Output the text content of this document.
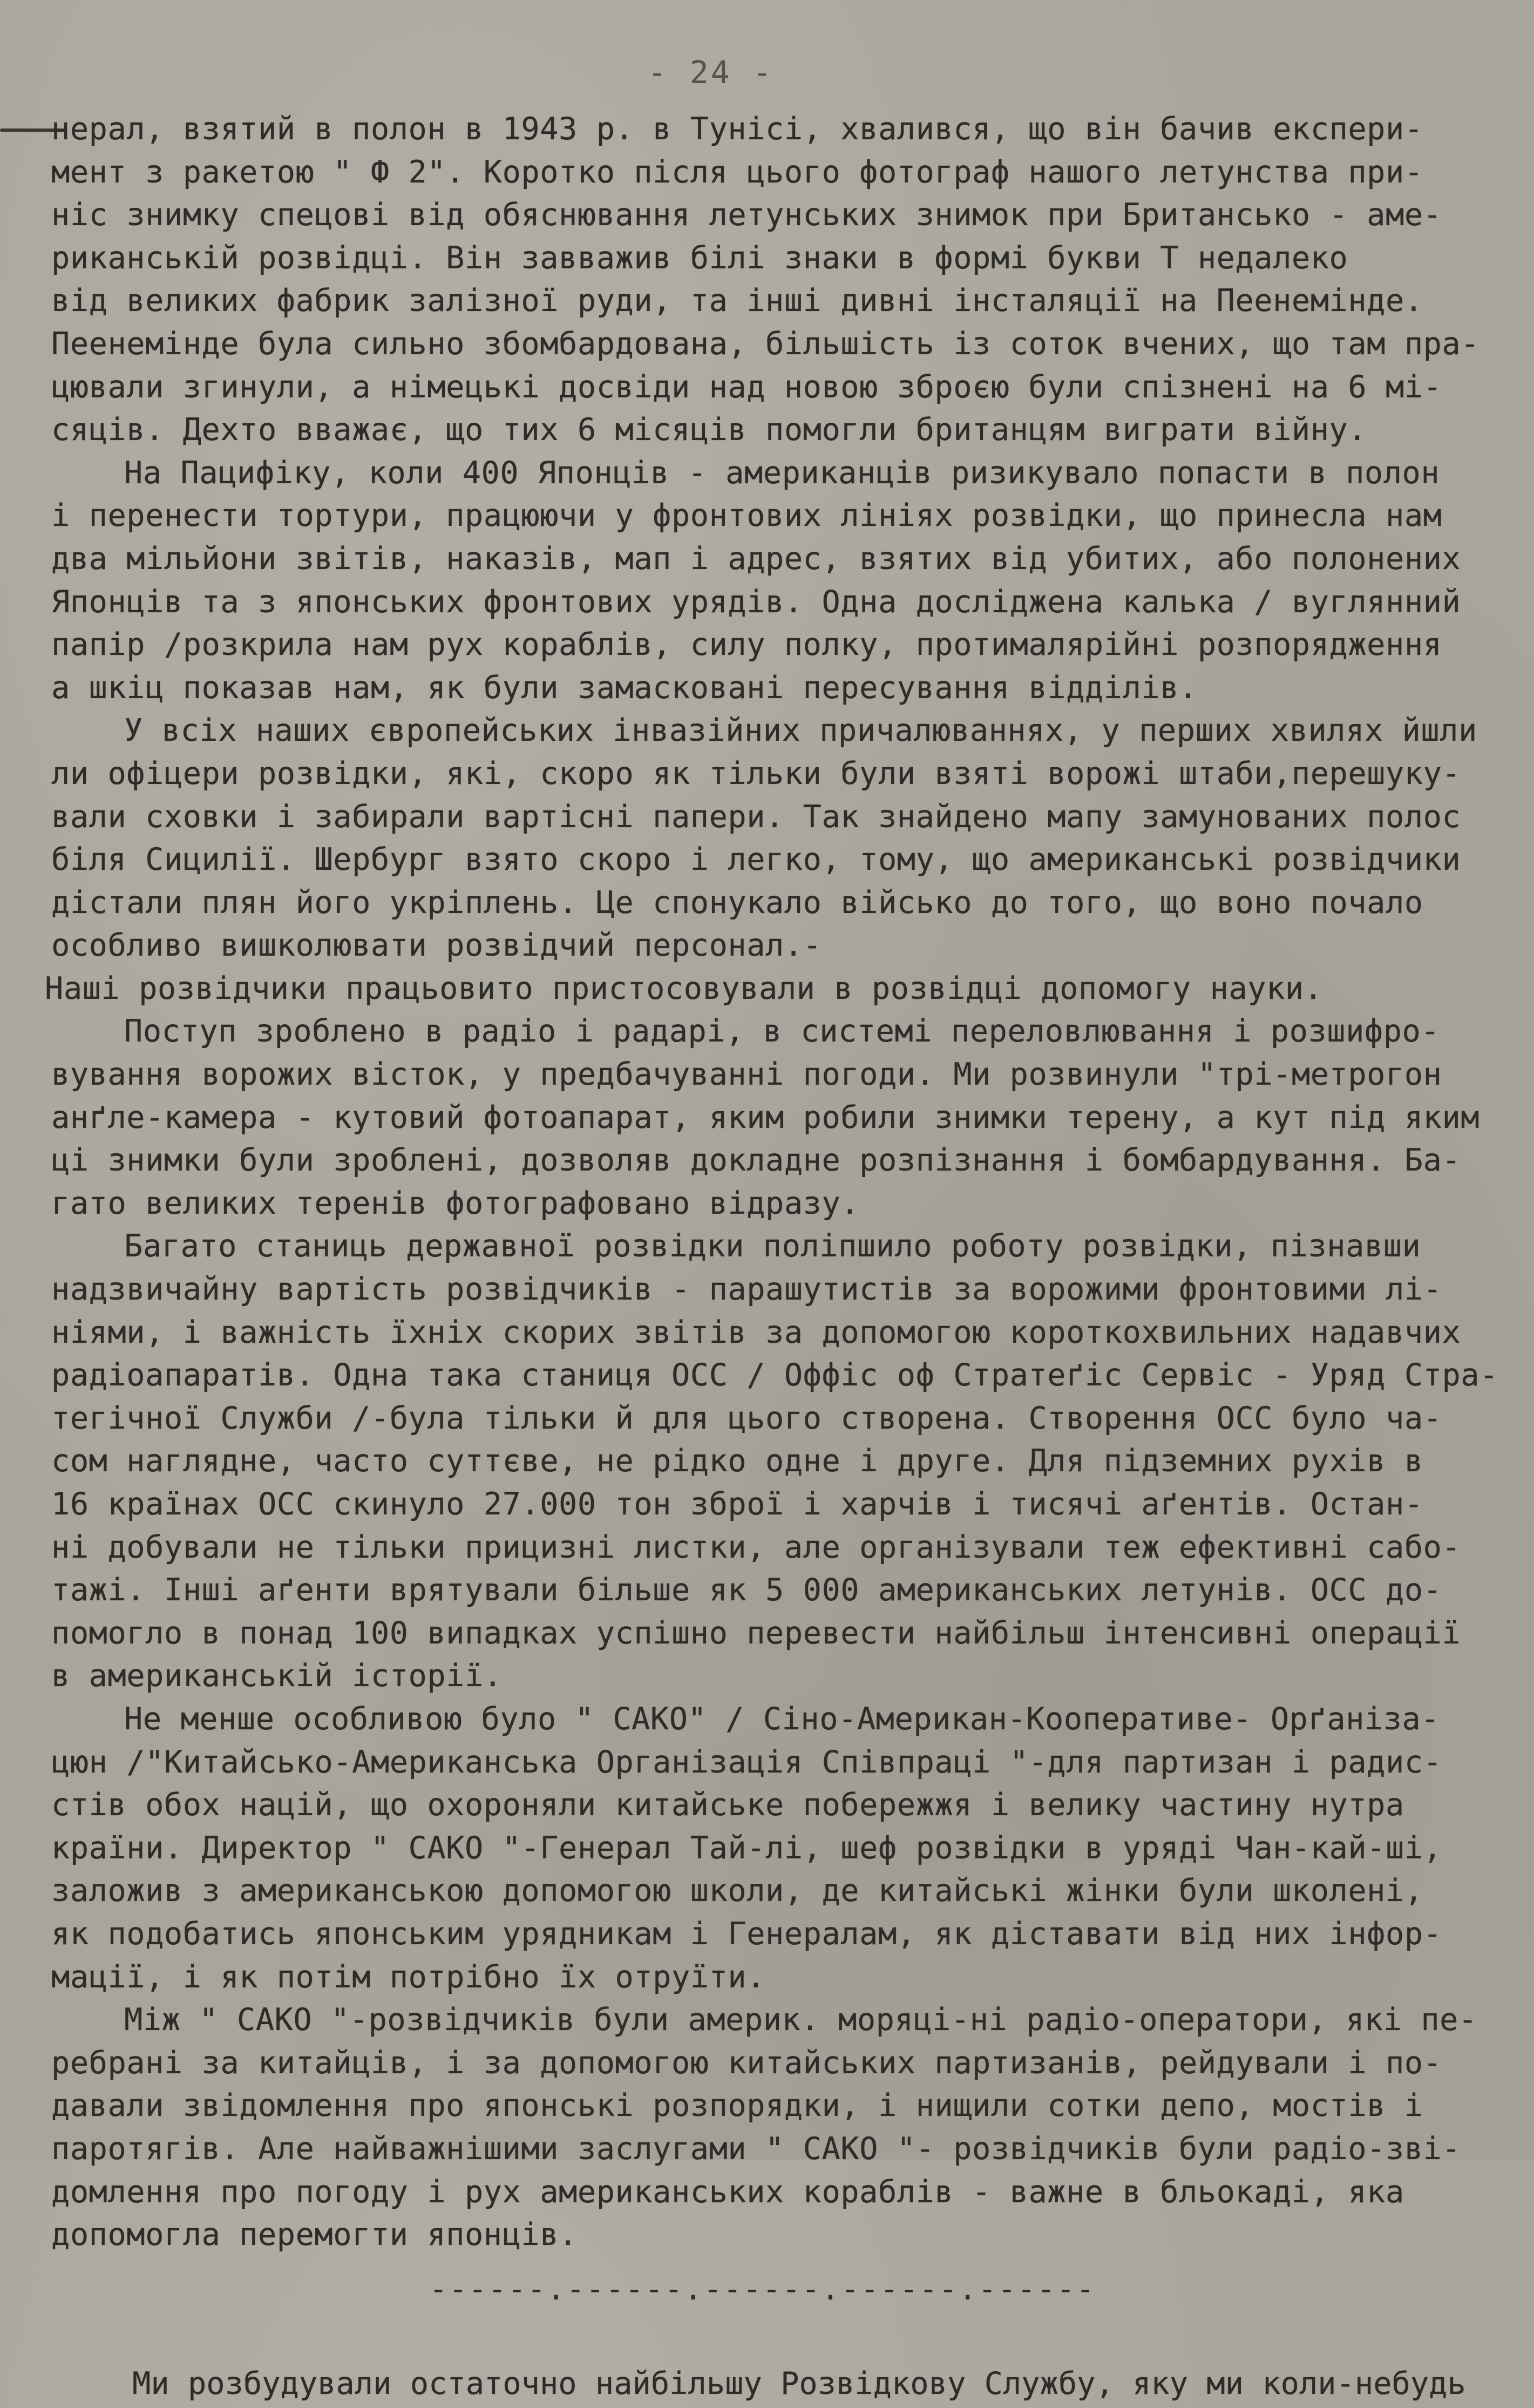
- 24 -
нерал, взятий в полон в 1943 р. в Тунісі, хвалився, що він бачив експери-
мент з ракетою " Ф 2". Коротко після цього фотограф нашого летунства при-
ніс знимку спецові від обяснювання летунських знимок при Британсько - аме-
риканській розвідці. Він завважив білі знаки в формі букви Т недалеко
від великих фабрик залізної руди, та інші дивні інсталяції на Пеенемінде.
Пеенемінде була сильно збомбардована, більшість із соток вчених, що там пра-
цювали згинули, а німецькі досвіди над новою зброєю були спізнені на 6 мі-
сяців. Дехто вважає, що тих 6 місяців помогли британцям виграти війну.
На Пацифіку, коли 400 Японців - американців ризикувало попасти в полон
і перенести тортури, працюючи у фронтових лініях розвідки, що принесла нам
два мільйони звітів, наказів, мап і адрес, взятих від убитих, або полонених
Японців та з японських фронтових урядів. Одна досліджена калька / вуглянний
папір /розкрила нам рух кораблів, силу полку, протималярійні розпорядження
а шкіц показав нам, як були замасковані пересування відділів.
У всіх наших європейських інвазійних причалюваннях, у перших хвилях йшли
ли офіцери розвідки, які, скоро як тільки були взяті ворожі штаби,перешуку-
вали сховки і забирали вартісні папери. Так знайдено мапу замунованих полос
біля Сицилії. Шербург взято скоро і легко, тому, що американські розвідчики
дістали плян його укріплень. Це спонукало військо до того, що воно почало
особливо вишколювати розвідчий персонал.-
Наші розвідчики працьовито пристосовували в розвідці допомогу науки.
Поступ зроблено в радіо і радарі, в системі переловлювання і розшифро-
вування ворожих вісток, у предбачуванні погоди. Ми розвинули "трі-метрогон
анґле-камера - кутовий фотоапарат, яким робили знимки терену, а кут під яким
ці знимки були зроблені, дозволяв докладне розпізнання і бомбардування. Ба-
гато великих теренів фотографовано відразу.
Багато станиць державної розвідки поліпшило роботу розвідки, пізнавши
надзвичайну вартість розвідчиків - парашутистів за ворожими фронтовими лі-
ніями, і важність їхніх скорих звітів за допомогою короткохвильних надавчих
радіоапаратів. Одна така станиця ОСС / Оффіс оф Стратеґіс Сервіс - Уряд Стра-
тегічної Служби /-була тільки й для цього створена. Створення ОСС було ча-
сом наглядне, часто суттєве, не рідко одне і друге. Для підземних рухів в
16 країнах ОСС скинуло 27.000 тон зброї і харчів і тисячі аґентів. Остан-
ні добували не тільки прицизні листки, але організували теж ефективні сабо-
тажі. Інші аґенти врятували більше як 5 000 американських летунів. ОСС до-
помогло в понад 100 випадках успішно перевести найбільш інтенсивні операції
в американській історії.
Не менше особливою було " САКО" / Сіно-Американ-Кооперативе- Орґаніза-
цюн /"Китайсько-Американська Організація Співпраці "-для партизан і радис-
стів обох націй, що охороняли китайське побережжя і велику частину нутра
країни. Директор " САКО "-Генерал Тай-лі, шеф розвідки в уряді Чан-кай-ші,
заложив з американською допомогою школи, де китайські жінки були школені,
як подобатись японським урядникам і Генералам, як діставати від них інфор-
мації, і як потім потрібно їх отруїти.
Між " САКО "-розвідчиків були америк. моряці-ні радіо-оператори, які пе-
ребрані за китайців, і за допомогою китайських партизанів, рейдували і по-
давали звідомлення про японські розпорядки, і нищили сотки депо, мостів і
паротягів. Але найважнішими заслугами " САКО "- розвідчиків були радіо-зві-
домлення про погоду і рух американських кораблів - важне в бльокаді, яка
допомогла перемогти японців.
------.------.------.------.------
Ми розбудували остаточно найбільшу Розвідкову Службу, яку ми коли-небудь
